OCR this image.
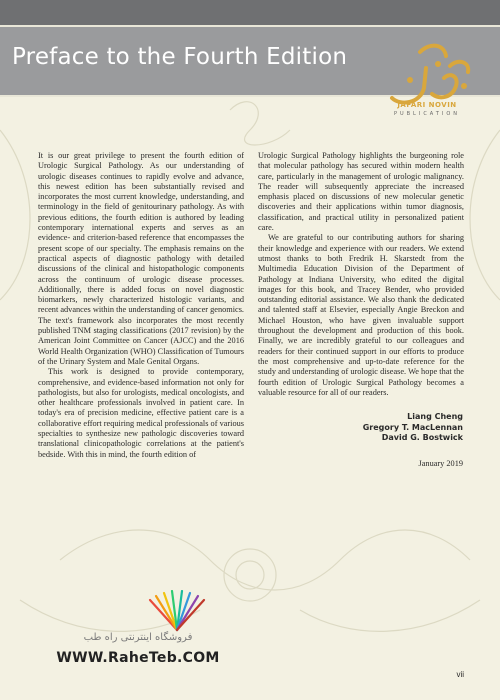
Preface to the Fourth Edition
JAFARI NOVIN
PUBLICATION

It is our great privilege to present the fourth edition of Urologic Surgical Pathology. As our understanding of urologic diseases continues to rapidly evolve and advance, this newest edition has been substantially revised and incorporates the most current knowledge, understanding, and terminology in the field of genitourinary pathology. As with previous editions, the fourth edition is authored by leading contemporary international experts and serves as an evidence- and criterion-based reference that encompasses the present scope of our specialty. The emphasis remains on the practical aspects of diagnostic pathology with detailed discussions of the clinical and histopathologic components across the continuum of urologic disease processes. Additionally, there is added focus on novel diagnostic biomarkers, newly characterized histologic variants, and recent advances within the understanding of cancer genomics. The text's framework also incorporates the most recently published TNM staging classifications (2017 revision) by the American Joint Committee on Cancer (AJCC) and the 2016 World Health Organization (WHO) Classification of Tumours of the Urinary System and Male Genital Organs.

This work is designed to provide contemporary, comprehensive, and evidence-based information not only for pathologists, but also for urologists, medical oncologists, and other healthcare professionals involved in patient care. In today's era of precision medicine, effective patient care is a collaborative effort requiring medical professionals of various specialties to synthesize new pathologic discoveries toward translational clinicopathologic correlations at the patient's bedside. With this in mind, the fourth edition of

Urologic Surgical Pathology highlights the burgeoning role that molecular pathology has secured within modern health care, particularly in the management of urologic malignancy. The reader will subsequently appreciate the increased emphasis placed on discussions of new molecular genetic discoveries and their applications within tumor diagnosis, classification, and practical utility in personalized patient care.

We are grateful to our contributing authors for sharing their knowledge and experience with our readers. We extend utmost thanks to both Fredrik H. Skarstedt from the Multimedia Education Division of the Department of Pathology at Indiana University, who edited the digital images for this book, and Tracey Bender, who provided outstanding editorial assistance. We also thank the dedicated and talented staff at Elsevier, especially Angie Breckon and Michael Houston, who have given invaluable support throughout the development and production of this book. Finally, we are incredibly grateful to our colleagues and readers for their continued support in our efforts to produce the most comprehensive and up-to-date reference for the study and understanding of urologic disease. We hope that the fourth edition of Urologic Surgical Pathology becomes a valuable resource for all of our readers.

Liang Cheng
Gregory T. MacLennan
David G. Bostwick
January 2019
فروشگاه اینترنتی راه طب
WWW.RaheTeb.COM
vii
